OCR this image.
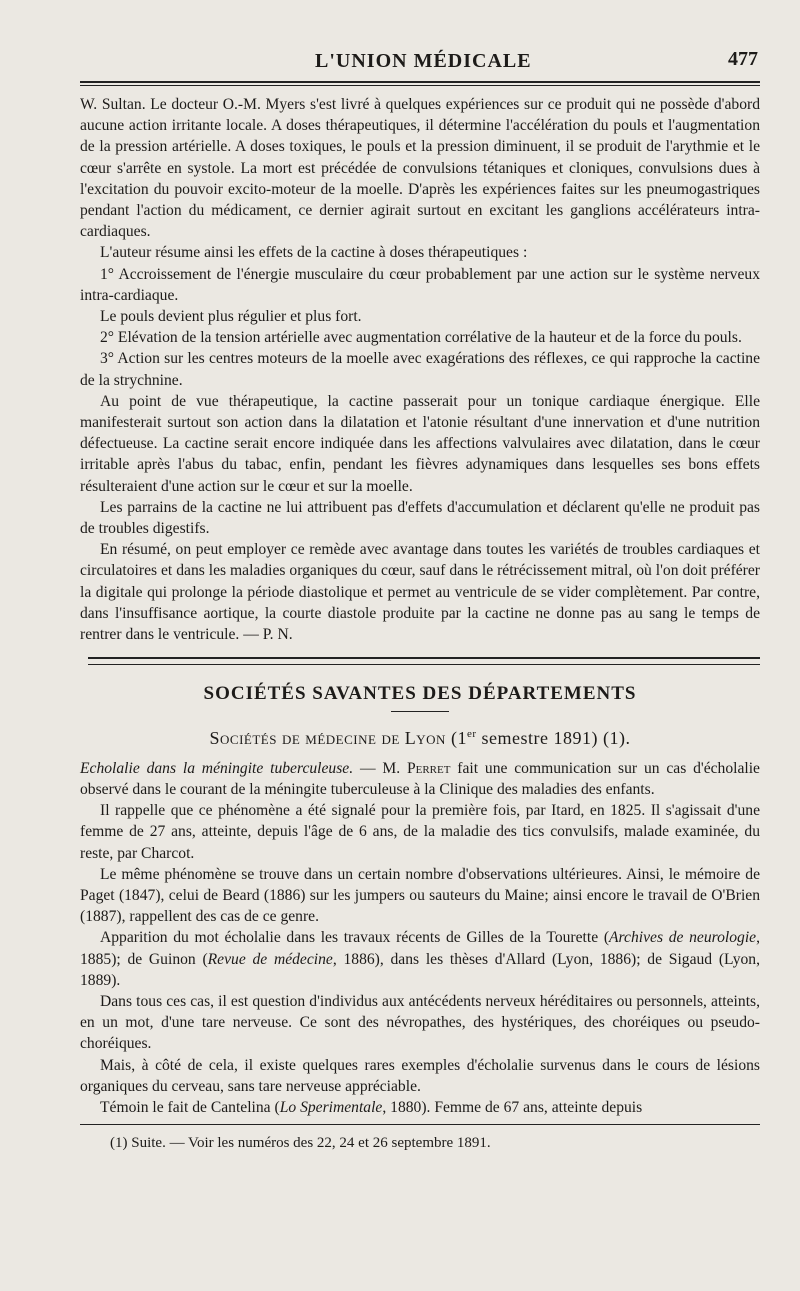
L'UNION MÉDICALE	477

W. Sultan. Le docteur O.-M. Myers s'est livré à quelques expériences sur ce produit qui ne possède d'abord aucune action irritante locale. A doses thérapeutiques, il détermine l'accélération du pouls et l'augmentation de la pression artérielle. A doses toxiques, le pouls et la pression diminuent, il se produit de l'arythmie et le cœur s'arrête en systole. La mort est précédée de convulsions tétaniques et cloniques, convulsions dues à l'excitation du pouvoir excito-moteur de la moelle. D'après les expériences faites sur les pneumogastriques pendant l'action du médicament, ce dernier agirait surtout en excitant les ganglions accélérateurs intra-cardiaques.

L'auteur résume ainsi les effets de la cactine à doses thérapeutiques :

1° Accroissement de l'énergie musculaire du cœur probablement par une action sur le système nerveux intra-cardiaque.

Le pouls devient plus régulier et plus fort.

2° Elévation de la tension artérielle avec augmentation corrélative de la hauteur et de la force du pouls.

3° Action sur les centres moteurs de la moelle avec exagérations des réflexes, ce qui rapproche la cactine de la strychnine.

Au point de vue thérapeutique, la cactine passerait pour un tonique cardiaque énergique. Elle manifesterait surtout son action dans la dilatation et l'atonie résultant d'une innervation et d'une nutrition défectueuse. La cactine serait encore indiquée dans les affections valvulaires avec dilatation, dans le cœur irritable après l'abus du tabac, enfin, pendant les fièvres adynamiques dans lesquelles ses bons effets résulteraient d'une action sur le cœur et sur la moelle.

Les parrains de la cactine ne lui attribuent pas d'effets d'accumulation et déclarent qu'elle ne produit pas de troubles digestifs.

En résumé, on peut employer ce remède avec avantage dans toutes les variétés de troubles cardiaques et circulatoires et dans les maladies organiques du cœur, sauf dans le rétrécissement mitral, où l'on doit préférer la digitale qui prolonge la période diastolique et permet au ventricule de se vider complètement. Par contre, dans l'insuffisance aortique, la courte diastole produite par la cactine ne donne pas au sang le temps de rentrer dans le ventricule. — P. N.

SOCIÉTÉS SAVANTES DES DÉPARTEMENTS
Sociétés de médecine de Lyon (1er semestre 1891) (1).

Echolalie dans la méningite tuberculeuse. — M. Perret fait une communication sur un cas d'écholalie observé dans le courant de la méningite tuberculeuse à la Clinique des maladies des enfants.

Il rappelle que ce phénomène a été signalé pour la première fois, par Itard, en 1825. Il s'agissait d'une femme de 27 ans, atteinte, depuis l'âge de 6 ans, de la maladie des tics convulsifs, malade examinée, du reste, par Charcot.

Le même phénomène se trouve dans un certain nombre d'observations ultérieures. Ainsi, le mémoire de Paget (1847), celui de Beard (1886) sur les jumpers ou sauteurs du Maine; ainsi encore le travail de O'Brien (1887), rappellent des cas de ce genre.

Apparition du mot écholalie dans les travaux récents de Gilles de la Tourette (Archives de neurologie, 1885); de Guinon (Revue de médecine, 1886), dans les thèses d'Allard (Lyon, 1886); de Sigaud (Lyon, 1889).

Dans tous ces cas, il est question d'individus aux antécédents nerveux héréditaires ou personnels, atteints, en un mot, d'une tare nerveuse. Ce sont des névropathes, des hystériques, des choréiques ou pseudo-choréiques.

Mais, à côté de cela, il existe quelques rares exemples d'écholalie survenus dans le cours de lésions organiques du cerveau, sans tare nerveuse appréciable.

Témoin le fait de Cantelina (Lo Sperimentale, 1880). Femme de 67 ans, atteinte depuis

(1) Suite. — Voir les numéros des 22, 24 et 26 septembre 1891.
